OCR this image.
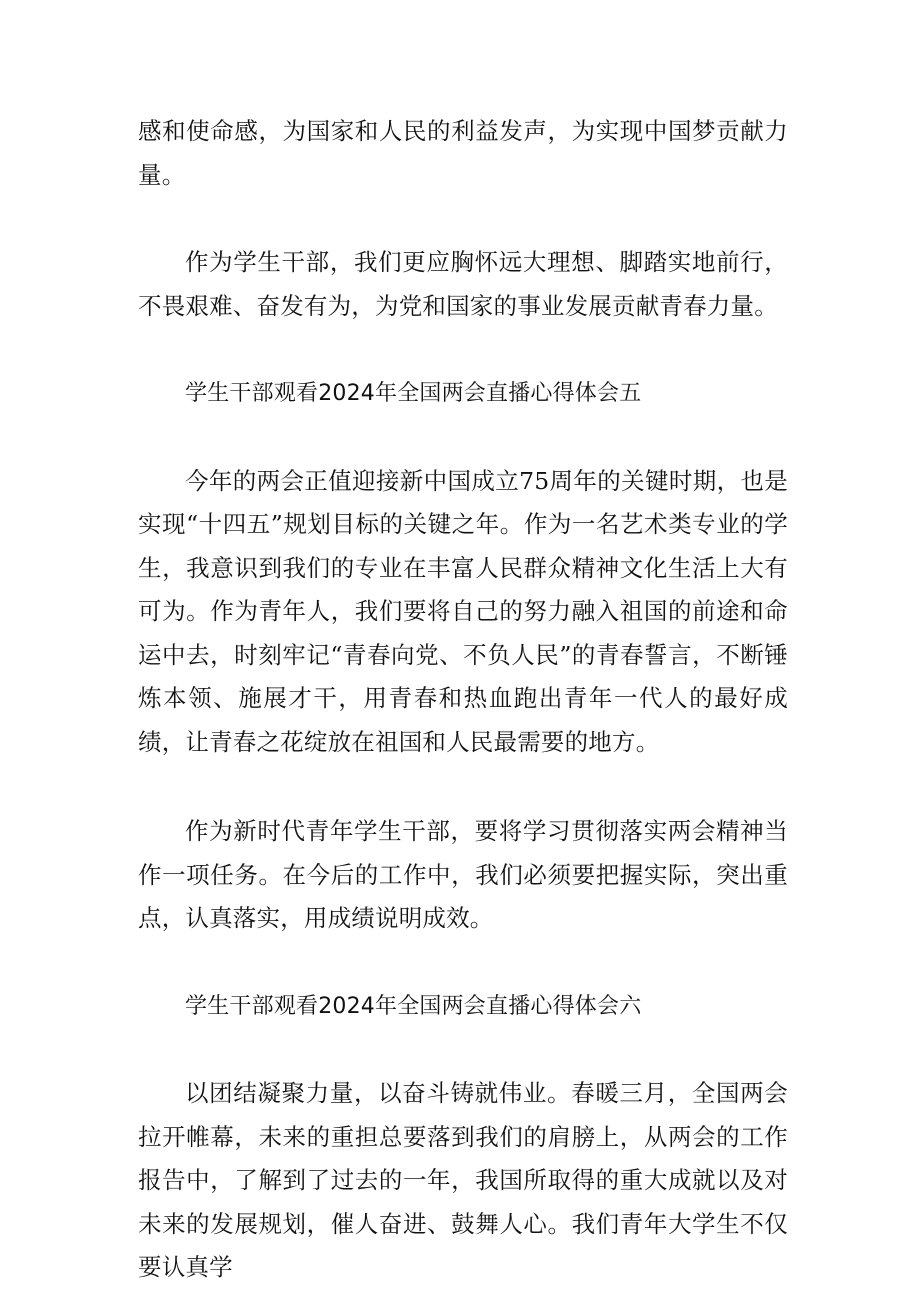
感和使命感，为国家和人民的利益发声，为实现中国梦贡献力量。

作为学生干部，我们更应胸怀远大理想、脚踏实地前行，不畏艰难、奋发有为，为党和国家的事业发展贡献青春力量。

学生干部观看2024年全国两会直播心得体会五

今年的两会正值迎接新中国成立75周年的关键时期，也是实现“十四五”规划目标的关键之年。作为一名艺术类专业的学生，我意识到我们的专业在丰富人民群众精神文化生活上大有可为。作为青年人，我们要将自己的努力融入祖国的前途和命运中去，时刻牢记“青春向党、不负人民”的青春誓言，不断锤炼本领、施展才干，用青春和热血跑出青年一代人的最好成绩，让青春之花绽放在祖国和人民最需要的地方。

作为新时代青年学生干部，要将学习贯彻落实两会精神当作一项任务。在今后的工作中，我们必须要把握实际，突出重点，认真落实，用成绩说明成效。

学生干部观看2024年全国两会直播心得体会六

以团结凝聚力量，以奋斗铸就伟业。春暖三月，全国两会拉开帷幕，未来的重担总要落到我们的肩膀上，从两会的工作报告中，了解到了过去的一年，我国所取得的重大成就以及对未来的发展规划，催人奋进、鼓舞人心。我们青年大学生不仅要认真学
